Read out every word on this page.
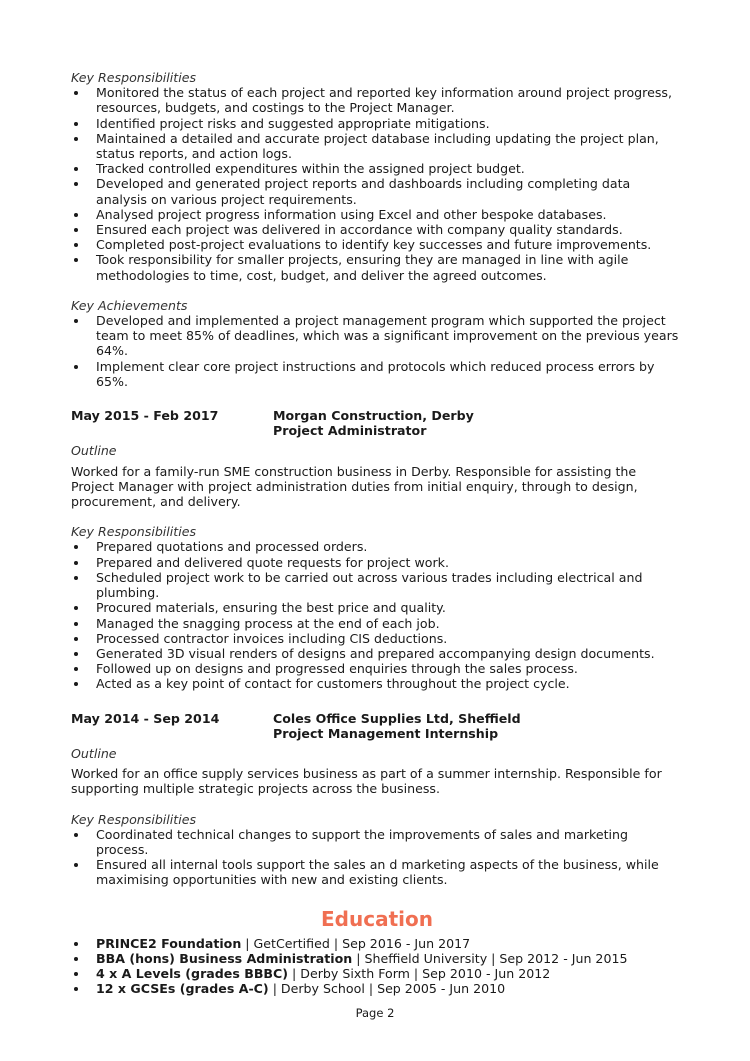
Key Responsibilities

Monitored the status of each project and reported key information around project progress, resources, budgets, and costings to the Project Manager.
Identified project risks and suggested appropriate mitigations.
Maintained a detailed and accurate project database including updating the project plan, status reports, and action logs.
Tracked controlled expenditures within the assigned project budget.
Developed and generated project reports and dashboards including completing data analysis on various project requirements.
Analysed project progress information using Excel and other bespoke databases.
Ensured each project was delivered in accordance with company quality standards.
Completed post-project evaluations to identify key successes and future improvements.
Took responsibility for smaller projects, ensuring they are managed in line with agile methodologies to time, cost, budget, and deliver the agreed outcomes.

Key Achievements

Developed and implemented a project management program which supported the project team to meet 85% of deadlines, which was a significant improvement on the previous years 64%.
Implement clear core project instructions and protocols which reduced process errors by 65%.
May 2015 - Feb 2017	Morgan Construction, Derby
Project Administrator

Outline

Worked for a family-run SME construction business in Derby. Responsible for assisting the Project Manager with project administration duties from initial enquiry, through to design, procurement, and delivery.

Key Responsibilities

Prepared quotations and processed orders.
Prepared and delivered quote requests for project work.
Scheduled project work to be carried out across various trades including electrical and plumbing.
Procured materials, ensuring the best price and quality.
Managed the snagging process at the end of each job.
Processed contractor invoices including CIS deductions.
Generated 3D visual renders of designs and prepared accompanying design documents.
Followed up on designs and progressed enquiries through the sales process.
Acted as a key point of contact for customers throughout the project cycle.
May 2014 - Sep 2014	Coles Office Supplies Ltd, Sheffield
Project Management Internship

Outline

Worked for an office supply services business as part of a summer internship. Responsible for supporting multiple strategic projects across the business.

Key Responsibilities

Coordinated technical changes to support the improvements of sales and marketing process.
Ensured all internal tools support the sales an d marketing aspects of the business, while maximising opportunities with new and existing clients.
Education
PRINCE2 Foundation | GetCertified | Sep 2016 - Jun 2017
BBA (hons) Business Administration | Sheffield University | Sep 2012 - Jun 2015
4 x A Levels (grades BBBC) | Derby Sixth Form | Sep 2010 - Jun 2012
12 x GCSEs (grades A-C) | Derby School | Sep 2005 - Jun 2010
Page 2
